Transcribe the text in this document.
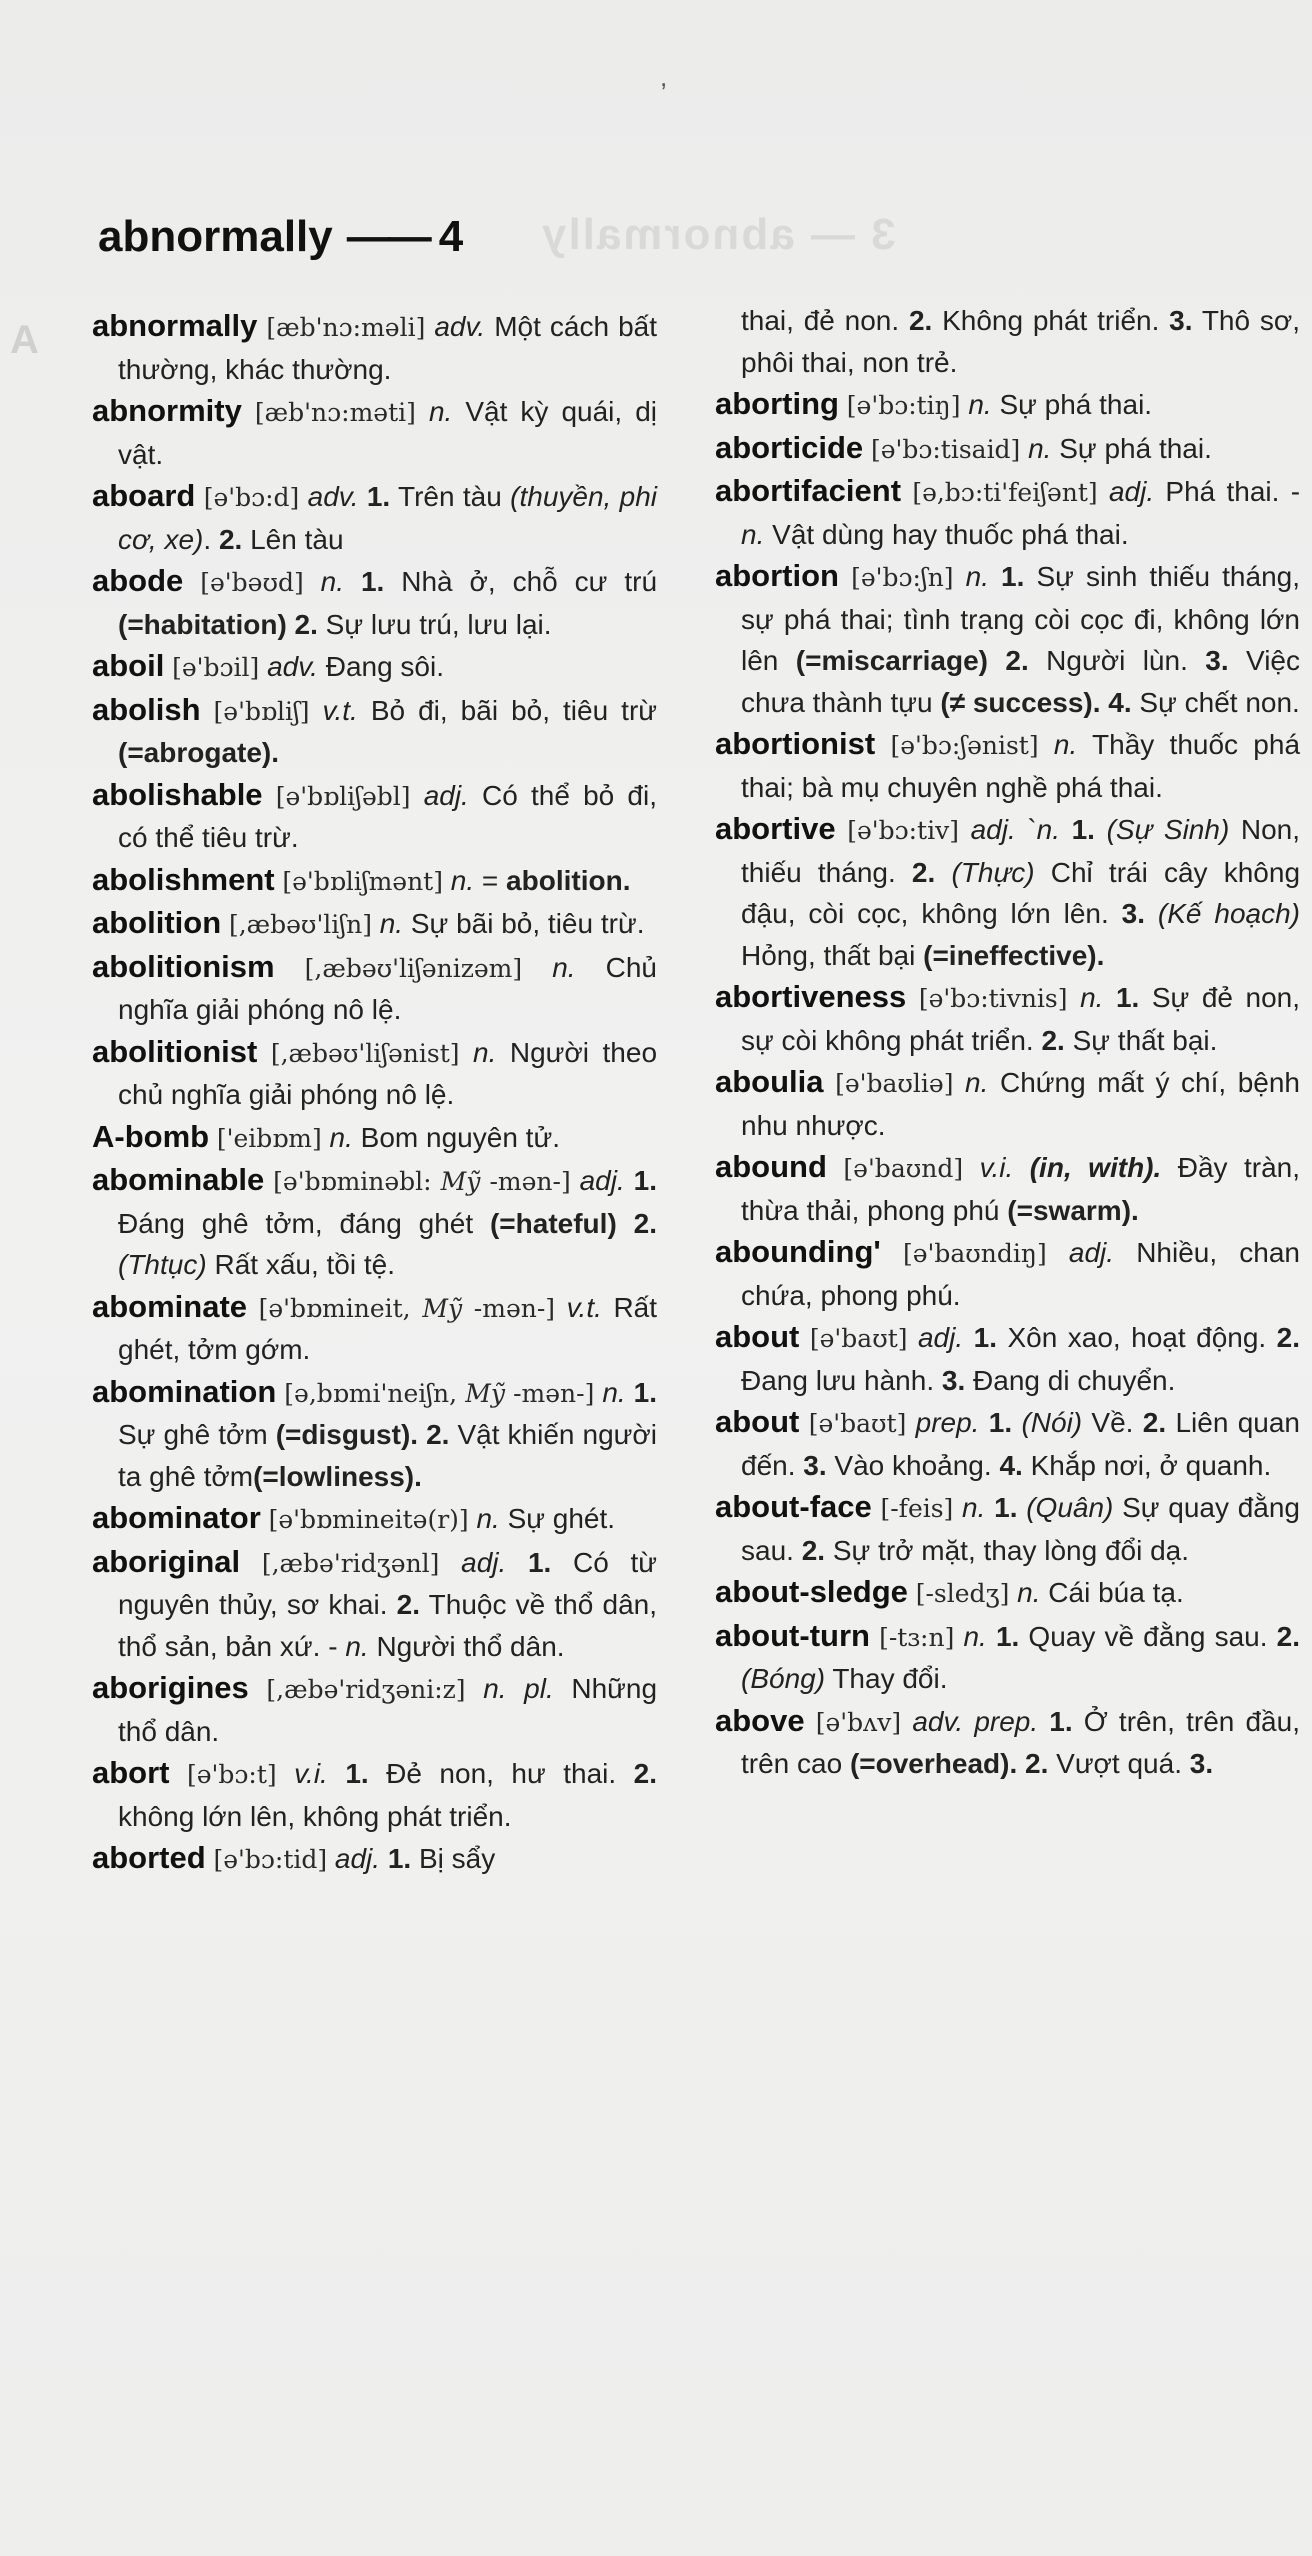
3 — abnormally
A
abnormally —— 4
,
abnormally [æb'nɔ:məli] adv. Một cách bất thường, khác thường.
abnormity [æb'nɔ:məti] n. Vật kỳ quái, dị vật.
aboard [ə'bɔ:d] adv. 1. Trên tàu (thuyền, phi cơ, xe). 2. Lên tàu
abode [ə'bəʊd] n. 1. Nhà ở, chỗ cư trú (=habitation) 2. Sự lưu trú, lưu lại.
aboil [ə'bɔil] adv. Đang sôi.
abolish [ə'bɒliʃ] v.t. Bỏ đi, bãi bỏ, tiêu trừ (=abrogate).
abolishable [ə'bɒliʃəbl] adj. Có thể bỏ đi, có thể tiêu trừ.
abolishment [ə'bɒliʃmənt] n. = abolition.
abolition [,æbəʊ'liʃn] n. Sự bãi bỏ, tiêu trừ.
abolitionism [,æbəʊ'liʃənizəm] n. Chủ nghĩa giải phóng nô lệ.
abolitionist [,æbəʊ'liʃənist] n. Người theo chủ nghĩa giải phóng nô lệ.
A-bomb ['eibɒm] n. Bom nguyên tử.
abominable [ə'bɒminəbl: Mỹ -mən-] adj. 1. Đáng ghê tởm, đáng ghét (=hateful) 2. (Thtục) Rất xấu, tồi tệ.
abominate [ə'bɒmineit, Mỹ -mən-] v.t. Rất ghét, tởm gớm.
abomination [ə,bɒmi'neiʃn, Mỹ -mən-] n. 1. Sự ghê tởm (=disgust). 2. Vật khiến người ta ghê tởm(=lowliness).
abominator [ə'bɒmineitə(r)] n. Sự ghét.
aboriginal [,æbə'ridʒənl] adj. 1. Có từ nguyên thủy, sơ khai. 2. Thuộc về thổ dân, thổ sản, bản xứ. - n. Người thổ dân.
aborigines [,æbə'ridʒəni:z] n. pl. Những thổ dân.
abort [ə'bɔ:t] v.i. 1. Đẻ non, hư thai. 2. không lớn lên, không phát triển.
aborted [ə'bɔ:tid] adj. 1. Bị sẩy
thai, đẻ non. 2. Không phát triển. 3. Thô sơ, phôi thai, non trẻ.
aborting [ə'bɔ:tiŋ] n. Sự phá thai.
aborticide [ə'bɔ:tisaid] n. Sự phá thai.
abortifacient [ə,bɔ:ti'feiʃənt] adj. Phá thai. - n. Vật dùng hay thuốc phá thai.
abortion [ə'bɔ:ʃn] n. 1. Sự sinh thiếu tháng, sự phá thai; tình trạng còi cọc đi, không lớn lên (=miscarriage) 2. Người lùn. 3. Việc chưa thành tựu (≠ success). 4. Sự chết non.
abortionist [ə'bɔ:ʃənist] n. Thầy thuốc phá thai; bà mụ chuyên nghề phá thai.
abortive [ə'bɔ:tiv] adj. `n. 1. (Sự Sinh) Non, thiếu tháng. 2. (Thực) Chỉ trái cây không đậu, còi cọc, không lớn lên. 3. (Kế hoạch) Hỏng, thất bại (=ineffective).
abortiveness [ə'bɔ:tivnis] n. 1. Sự đẻ non, sự còi không phát triển. 2. Sự thất bại.
aboulia [ə'baʊliə] n. Chứng mất ý chí, bệnh nhu nhược.
abound [ə'baʊnd] v.i. (in, with). Đầy tràn, thừa thải, phong phú (=swarm).
abounding' [ə'baʊndiŋ] adj. Nhiều, chan chứa, phong phú.
about [ə'baʊt] adj. 1. Xôn xao, hoạt động. 2. Đang lưu hành. 3. Đang di chuyển.
about [ə'baʊt] prep. 1. (Nói) Về. 2. Liên quan đến. 3. Vào khoảng. 4. Khắp nơi, ở quanh.
about-face [-feis] n. 1. (Quân) Sự quay đằng sau. 2. Sự trở mặt, thay lòng đổi dạ.
about-sledge [-sledʒ] n. Cái búa tạ.
about-turn [-tɜ:n] n. 1. Quay về đằng sau. 2. (Bóng) Thay đổi.
above [ə'bʌv] adv. prep. 1. Ở trên, trên đầu, trên cao (=overhead). 2. Vượt quá. 3.
